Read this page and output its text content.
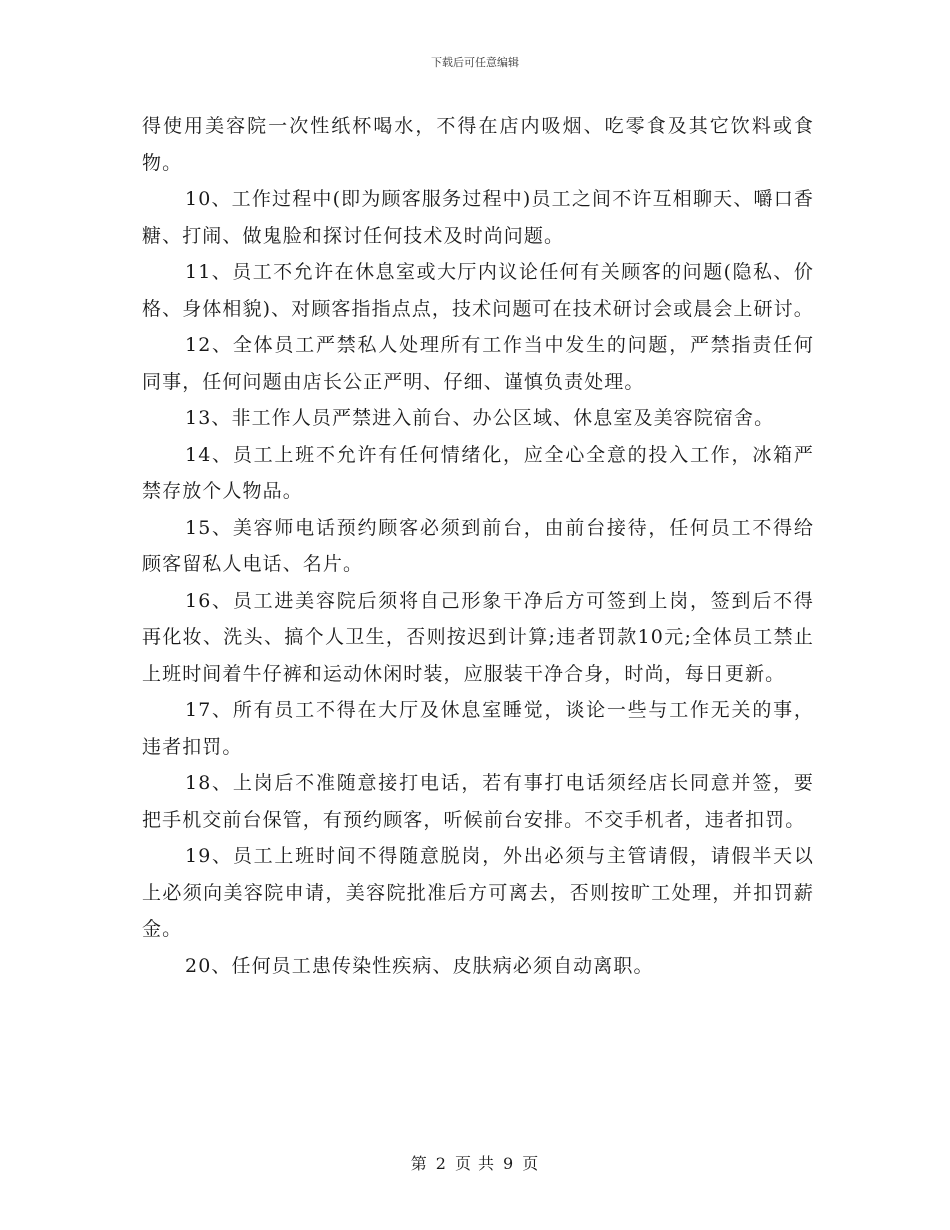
下载后可任意编辑

得使用美容院一次性纸杯喝水，不得在店内吸烟、吃零食及其它饮料或食物。

10、工作过程中(即为顾客服务过程中)员工之间不许互相聊天、嚼口香糖、打闹、做鬼脸和探讨任何技术及时尚问题。

11、员工不允许在休息室或大厅内议论任何有关顾客的问题(隐私、价格、身体相貌)、对顾客指指点点，技术问题可在技术研讨会或晨会上研讨。

12、全体员工严禁私人处理所有工作当中发生的问题，严禁指责任何同事，任何问题由店长公正严明、仔细、谨慎负责处理。

13、非工作人员严禁进入前台、办公区域、休息室及美容院宿舍。

14、员工上班不允许有任何情绪化，应全心全意的投入工作，冰箱严禁存放个人物品。

15、美容师电话预约顾客必须到前台，由前台接待，任何员工不得给顾客留私人电话、名片。

16、员工进美容院后须将自己形象干净后方可签到上岗，签到后不得再化妆、洗头、搞个人卫生，否则按迟到计算;违者罚款10元;全体员工禁止上班时间着牛仔裤和运动休闲时装，应服装干净合身，时尚，每日更新。

17、所有员工不得在大厅及休息室睡觉，谈论一些与工作无关的事，违者扣罚。

18、上岗后不准随意接打电话，若有事打电话须经店长同意并签，要把手机交前台保管，有预约顾客，听候前台安排。不交手机者，违者扣罚。

19、员工上班时间不得随意脱岗，外出必须与主管请假，请假半天以上必须向美容院申请，美容院批准后方可离去，否则按旷工处理，并扣罚薪金。

20、任何员工患传染性疾病、皮肤病必须自动离职。

第 2 页 共 9 页
